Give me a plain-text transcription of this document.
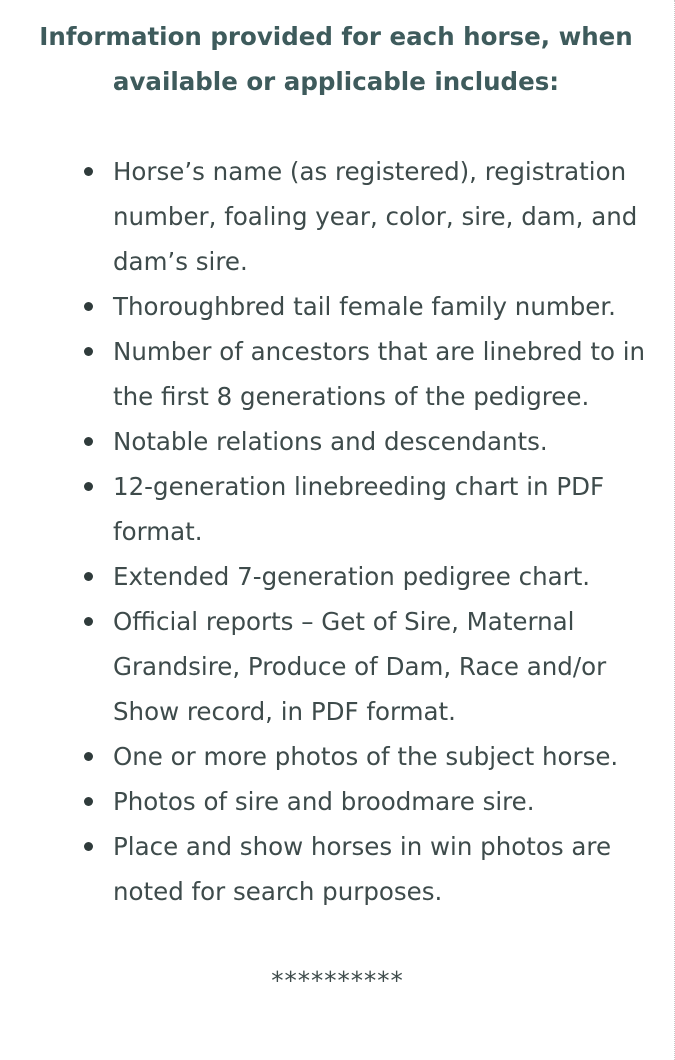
Information provided for each horse, when
available or applicable includes:
Horse’s name (as registered), registration number, foaling year, color, sire, dam, and dam’s sire.
Thoroughbred tail female family number.
Number of ancestors that are linebred to in the first 8 generations of the pedigree.
Notable relations and descendants.
12-generation linebreeding chart in PDF format.
Extended 7-generation pedigree chart.
Official reports – Get of Sire, Maternal Grandsire, Produce of Dam, Race and/or Show record, in PDF format.
One or more photos of the subject horse.
Photos of sire and broodmare sire.
Place and show horses in win photos are noted for search purposes.
**********
